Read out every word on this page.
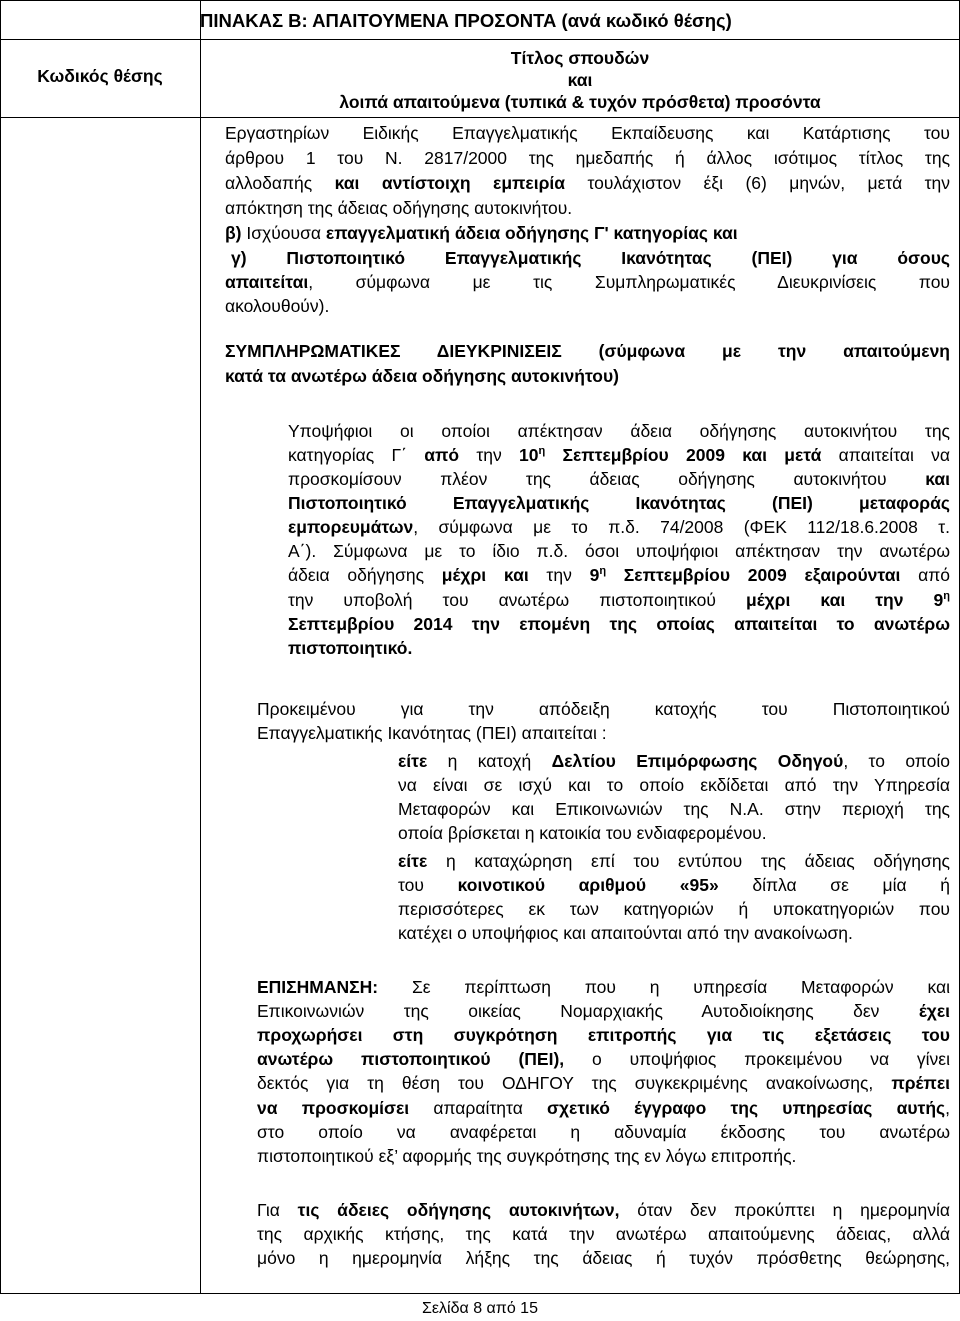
ΠΙΝΑΚΑΣ Β: ΑΠΑΙΤΟΥΜΕΝΑ ΠΡΟΣΟΝΤΑ (ανά κωδικό θέσης)
Κωδικός θέσης
Τίτλος σπουδών
και
λοιπά απαιτούμενα (τυπικά & τυχόν πρόσθετα) προσόντα
Εργαστηρίων Ειδικής Επαγγελματικής Εκπαίδευσης και Κατάρτισης του
άρθρου 1 του Ν. 2817/2000 της ημεδαπής ή άλλος ισότιμος τίτλος της
αλλοδαπής και αντίστοιχη εμπειρία τουλάχιστον έξι (6) μηνών, μετά την
απόκτηση της άδειας οδήγησης αυτοκινήτου.
β) Ισχύουσα επαγγελματική άδεια οδήγησης Γ' κατηγορίας και
γ) Πιστοποιητικό Επαγγελματικής Ικανότητας (ΠΕΙ) για όσους
απαιτείται, σύμφωνα με τις Συμπληρωματικές Διευκρινίσεις που
ακολουθούν).
ΣΥΜΠΛΗΡΩΜΑΤΙΚΕΣ ΔΙΕΥΚΡΙΝΙΣΕΙΣ (σύμφωνα με την απαιτούμενη
κατά τα ανωτέρω άδεια οδήγησης αυτοκινήτου)
Υποψήφιοι οι οποίοι απέκτησαν άδεια οδήγησης αυτοκινήτου της
κατηγορίας Γ΄ από την $10^\eta$ Σεπτεμβρίου 2009 και μετά απαιτείται να
προσκομίσουν πλέον της άδειας οδήγησης αυτοκινήτου και
Πιστοποιητικό Επαγγελματικής Ικανότητας (ΠΕΙ) μεταφοράς
εμπορευμάτων, σύμφωνα με το π.δ. 74/2008 (ΦΕΚ 112/18.6.2008 τ.
Α΄). Σύμφωνα με το ίδιο π.δ. όσοι υποψήφιοι απέκτησαν την ανωτέρω
άδεια οδήγησης μέχρι και την $9^\eta$ Σεπτεμβρίου 2009 εξαιρούνται από
την υποβολή του ανωτέρω πιστοποιητικού μέχρι και την $9^\eta$
Σεπτεμβρίου 2014 την επομένη της οποίας απαιτείται το ανωτέρω
πιστοποιητικό.
Προκειμένου για την απόδειξη κατοχής του Πιστοποιητικού
Επαγγελματικής Ικανότητας (ΠΕΙ) απαιτείται :
είτε η κατοχή Δελτίου Επιμόρφωσης Οδηγού, το οποίο
να είναι σε ισχύ και το οποίο εκδίδεται από την Υπηρεσία
Μεταφορών και Επικοινωνιών της Ν.Α. στην περιοχή της
οποία βρίσκεται η κατοικία του ενδιαφερομένου.
είτε η καταχώρηση επί του εντύπου της άδειας οδήγησης
του κοινοτικού αριθμού «95» δίπλα σε μία ή
περισσότερες εκ των κατηγοριών ή υποκατηγοριών που
κατέχει ο υποψήφιος και απαιτούνται από την ανακοίνωση.
ΕΠΙΣΗΜΑΝΣΗ: Σε περίπτωση που η υπηρεσία Μεταφορών και
Επικοινωνιών της οικείας Νομαρχιακής Αυτοδιοίκησης δεν έχει
προχωρήσει στη συγκρότηση επιτροπής για τις εξετάσεις του
ανωτέρω πιστοποιητικού (ΠΕΙ), ο υποψήφιος προκειμένου να γίνει
δεκτός για τη θέση του ΟΔΗΓΟΥ της συγκεκριμένης ανακοίνωσης, πρέπει
να προσκομίσει απαραίτητα σχετικό έγγραφο της υπηρεσίας αυτής,
στο οποίο να αναφέρεται η αδυναμία έκδοσης του ανωτέρω
πιστοποιητικού εξ’ αφορμής της συγκρότησης της εν λόγω επιτροπής.
Για τις άδειες οδήγησης αυτοκινήτων, όταν δεν προκύπτει η ημερομηνία
της αρχικής κτήσης, της κατά την ανωτέρω απαιτούμενης άδειας, αλλά
μόνο η ημερομηνία λήξης της άδειας ή τυχόν πρόσθετης θεώρησης,
Σελίδα 8 από 15
